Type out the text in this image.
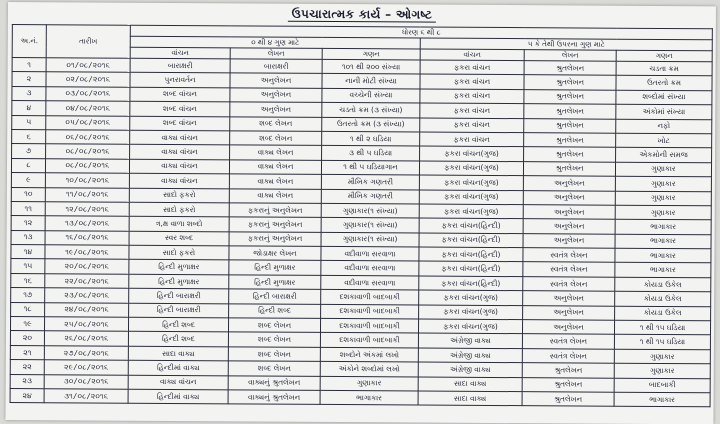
ઉપચારાત્મક કાર્ય – ઓગષ્ટ
અ.નં.	તારીખ	ધોરણ ૬ થી ૮					
		૦ થી ૪ ગુણ માટે			૫ કે તેથી ઉપરના ગુણ માટે		
		વાંચન	લેખન	ગણન	વાંચન	લેખન	ગણન
૧	૦૧/૦૮/૨૦૧૬	બારાક્ષરી	બારાક્ષરી	૧૦૧ થી ૨૦૦ સંખ્યા	ફકરા વાંચન	શ્રુતલેખન	ચડતા ક્રમ
૨	૦૨/૦૮/૨૦૧૬	પુનરાવર્તન	અનુલેખન	નાની મોટી સંખ્યા	ફકરા વાંચન	શ્રુતલેખન	ઉતરતો ક્રમ
૩	૦૩/૦૮/૨૦૧૬	શબ્દ વાંચન	અનુલેખન	વચ્ચેની સંખ્યા	ફકરા વાંચન	શ્રુતલેખન	શબ્દોમાં સંખ્યા
૪	૦૪/૦૮/૨૦૧૬	શબ્દ વાંચન	અનુલેખન	ચડતો ક્રમ (૩ સંખ્યા)	ફકરા વાંચન	શ્રુતલેખન	અંકોમાં સંખ્યા
૫	૦૫/૦૮/૨૦૧૬	શબ્દ વાંચન	શબ્દ લેખન	ઉતરતો ક્રમ (૩ સંખ્યા)	ફકરા વાંચન	શ્રુતલેખન	નફો
૬	૦૬/૦૮/૨૦૧૬	વાક્ય વાંચન	શબ્દ લેખન	૧ થી ૨ ઘડિયા	ફકરા વાંચન	શ્રુતલેખન	ખોટ
૭	૦૮/૦૮/૨૦૧૬	વાક્ય વાંચન	વાક્ય લેખન	૩ થી ૫ ઘડિયા	ફકરા વાંચન(ગુજ)	શ્રુતલેખન	એકમોની સમજ
૮	૦૮/૦૮/૨૦૧૬	વાક્ય વાંચન	વાક્ય લેખન	૧ થી ૫ ઘડિયાગાન	ફકરા વાંચન(ગુજ)	શ્રુતલેખન	ગુણાકાર
૯	૧૦/૦૮/૨૦૧૬	વાક્ય વાંચન	વાક્ય લેખન	મૌખિક ગણતરી	ફકરા વાંચન(ગુજ)	અનુલેખન	ગુણાકાર
૧૦	૧૧/૦૮/૨૦૧૬	સાદો ફકરો	વાક્ય લેખન	મૌખિક ગણતરી	ફકરા વાંચન(ગુજ)	અનુલેખન	ગુણાકાર
૧૧	૧૨/૦૮/૨૦૧૬	સાદો ફકરો	ફકરાનું અનુલેખન	ગુણાકાર(૧ સંખ્યા)	ફકરા વાંચન(ગુજ)	અનુલેખન	ગુણાકાર
૧૨	૧૩/૦૮/૨૦૧૬	ત્ર,ક્ષ વાળા શબ્દો	ફકરાનું અનુલેખન	ગુણાકાર(૧ સંખ્યા)	ફકરા વાંચન(હિન્દી)	અનુલેખન	ભાગાકાર
૧૩	૧૬/૦૮/૨૦૧૬	સ્વર શબ્દ	ફકરાનું અનુલેખન	ગુણાકાર(૧ સંખ્યા)	ફકરા વાંચન(હિન્દી)	અનુલેખન	ભાગાકાર
૧૪	૧૯/૦૮/૨૦૧૬	સાદો ફકરો	જોડાક્ષર લેખન	વદીવાળા સરવાળા	ફકરા વાંચન(હિન્દી)	સ્વતંત્ર લેખન	ભાગાકાર
૧૫	૨૦/૦૮/૨૦૧૬	હિન્દી મુળાક્ષર	હિન્દી મુળાક્ષર	વદીવાળા સરવાળા	ફકરા વાંચન(હિન્દી)	સ્વતંત્ર લેખન	ભાગાકાર
૧૬	૨૨/૦૮/૨૦૧૬	હિન્દી મુળાક્ષર	હિન્દી મુળાક્ષર	વદીવાળા સરવાળા	ફકરા વાંચન(હિન્દી)	સ્વતંત્ર લેખન	કોયડા ઉકેલ
૧૭	૨૩/૦૮/૨૦૧૬	હિન્દી બારાક્ષરી	હિન્દી બારાક્ષરી	દશકાવાળી બાદબાકી	ફકરા વાંચન(ગુજ)	અનુલેખન	કોયડા ઉકેલ
૧૮	૨૪/૦૮/૨૦૧૬	હિન્દી બારાક્ષરી	હિન્દી શબ્દ	દશકાવાળી બાદબાકી	ફકરા વાંચન(ગુજ)	અનુલેખન	કોયડા ઉકેલ
૧૯	૨૫/૦૮/૨૦૧૬	હિન્દી શબ્દ	શબ્દ લેખન	દશકાવાળી બાદબાકી	ફકરા વાંચન(ગુજ)	અનુલેખન	૧ થી ૧૫ ઘડિયા
૨૦	૨૬/૦૮/૨૦૧૬	હિન્દી શબ્દ	શબ્દ લેખન	દશકાવાળી બાદબાકી	અંગ્રેજી વાક્ય	સ્વતંત્ર લેખન	૧ થી ૧૫ ઘડિયા
૨૧	૨૭/૦૮/૨૦૧૬	સાદા વાક્ય	શબ્દ લેખન	શબ્દોને અંકમાં લખો	અંગ્રેજી વાક્ય	સ્વતંત્ર લેખન	ગુણાકાર
૨૨	૨૯/૦૮/૨૦૧૬	હિન્દીમાં વાક્ય	શબ્દ લેખન	અંકોને શબ્દોમાં લખો	અંગ્રેજી વાક્ય	શ્રુતલેખન	ગુણાકાર
૨૩	૩૦/૦૮/૨૦૧૬	વાક્ય વાંચન	વાક્યનું શ્રુતલેખન	ગુણાકાર	સાદા વાક્ય	શ્રુતલેખન	બાદબાકી
૨૪	૩૧/૦૮/૨૦૧૬	હિન્દીમાં વાક્ય	વાક્યનું શ્રુતલેખન	ભાગાકાર	સાદા વાક્ય	શ્રુતલેખન	ભાગાકાર
